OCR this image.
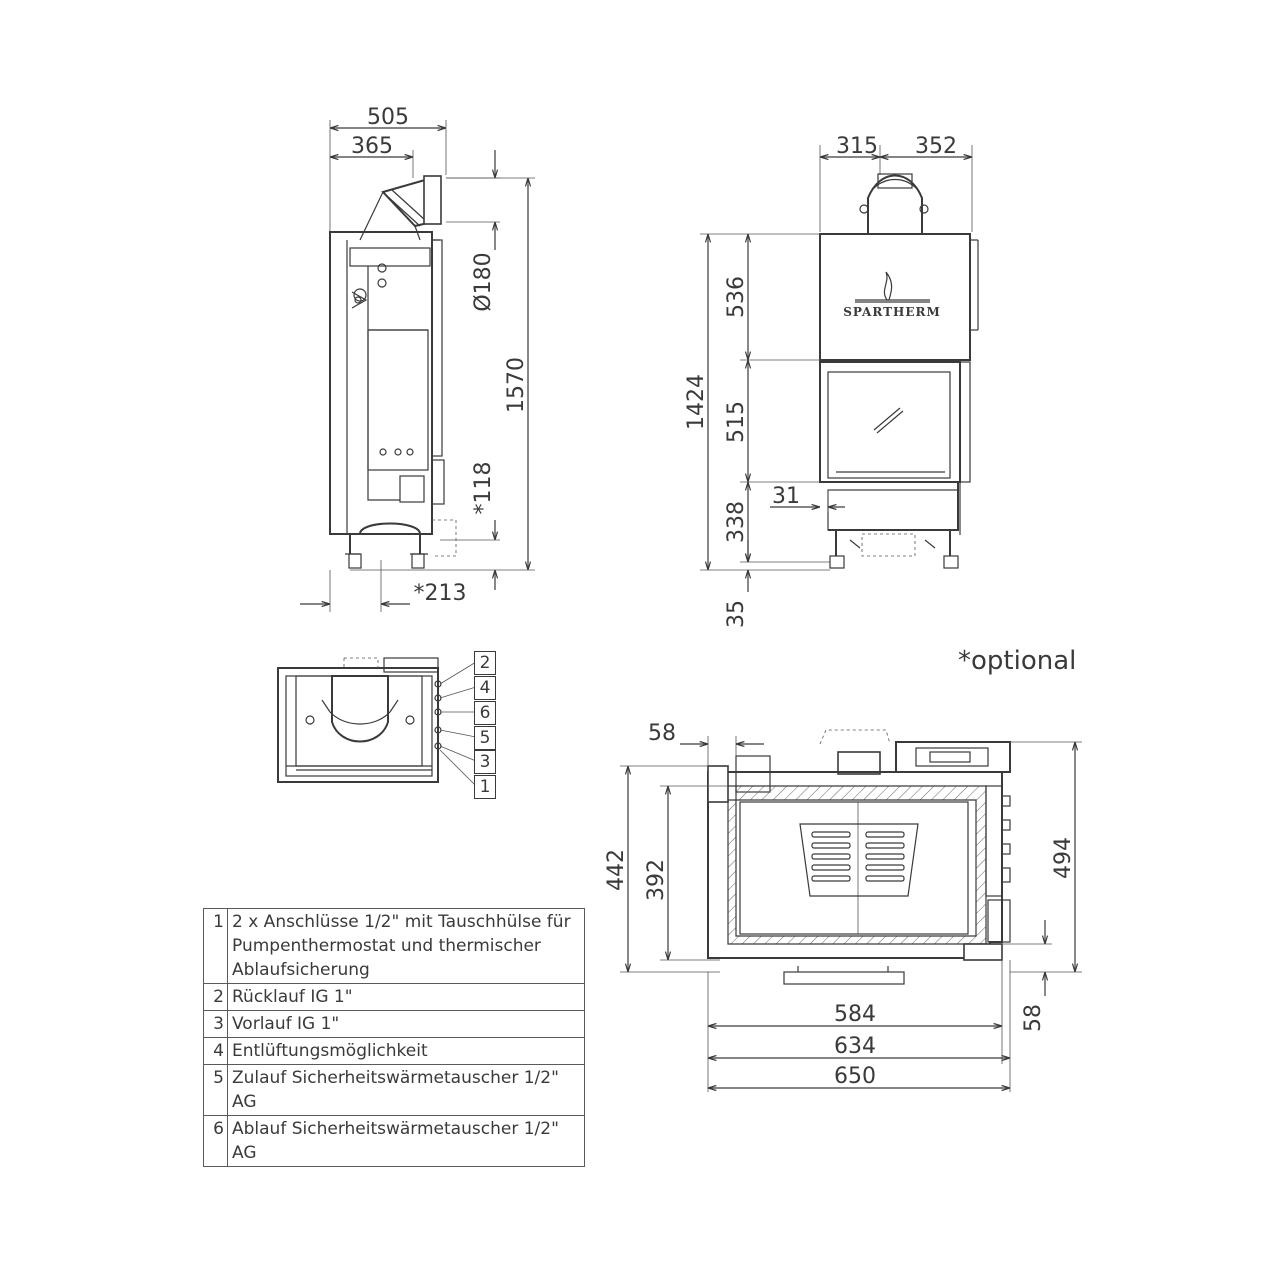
505
365
Ø180
1570
*118
*213
315 352
SPARTHERM
536
515
338
35
1424
31
58
442 392
494
58
584
634
650
2
4
6
5
3
1
*optional
1	2 x Anschlüsse 1/2" mit Tauschhülse für Pumpenthermostat und thermischer Ablaufsicherung
2	Rücklauf IG 1"
3	Vorlauf IG 1"
4	Entlüftungsmöglichkeit
5	Zulauf Sicherheitswärmetauscher 1/2" AG
6	Ablauf Sicherheitswärmetauscher 1/2" AG
